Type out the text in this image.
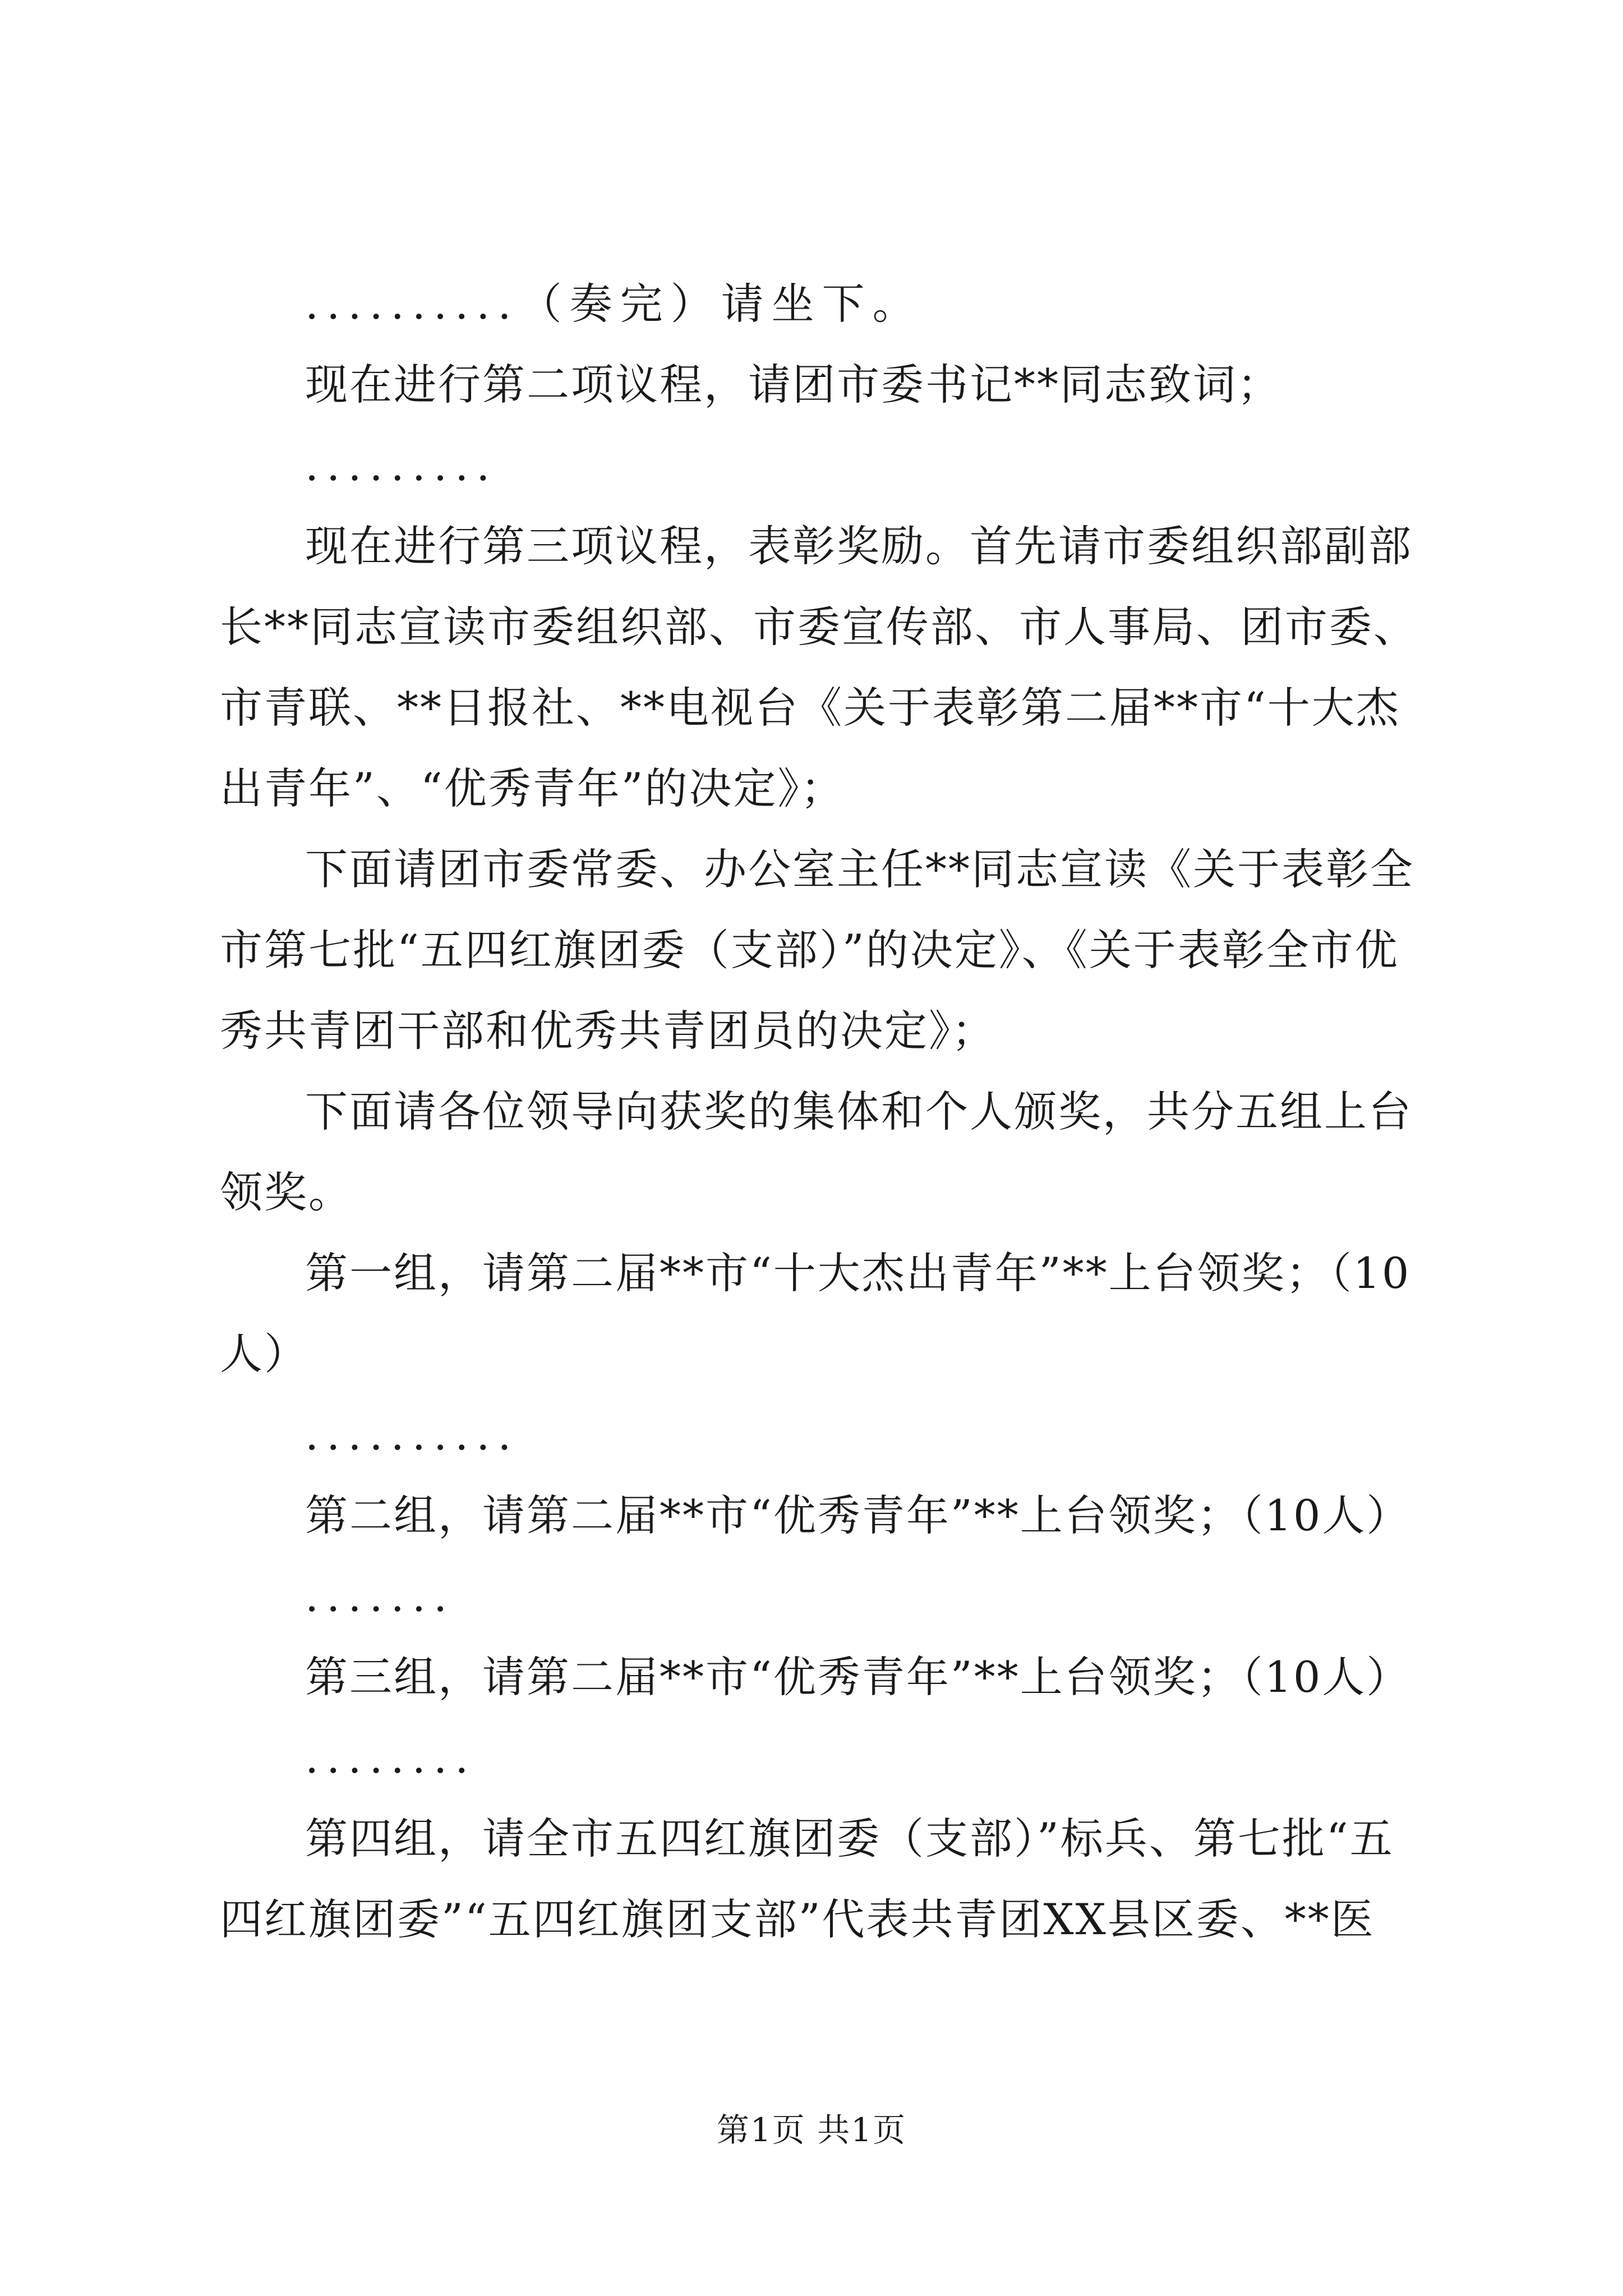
..........（奏完）请坐下。

现在进行第二项议程，请团市委书记**同志致词；

.........

现在进行第三项议程，表彰奖励。首先请市委组织部副部长**同志宣读市委组织部、市委宣传部、市人事局、团市委、市青联、**日报社、**电视台《关于表彰第二届**市“十大杰出青年”、“优秀青年”的决定》；

下面请团市委常委、办公室主任**同志宣读《关于表彰全市第七批“五四红旗团委（支部）”的决定》、《关于表彰全市优秀共青团干部和优秀共青团员的决定》；

下面请各位领导向获奖的集体和个人颁奖，共分五组上台领奖。

第一组，请第二届**市“十大杰出青年”**上台领奖；（10人）

..........

第二组，请第二届**市“优秀青年”**上台领奖；（10人）

.......

第三组，请第二届**市“优秀青年”**上台领奖；（10人）

........

第四组，请全市五四红旗团委（支部）”标兵、第七批“五四红旗团委”“五四红旗团支部”代表共青团XX县区委、**医

第1页 共1页
